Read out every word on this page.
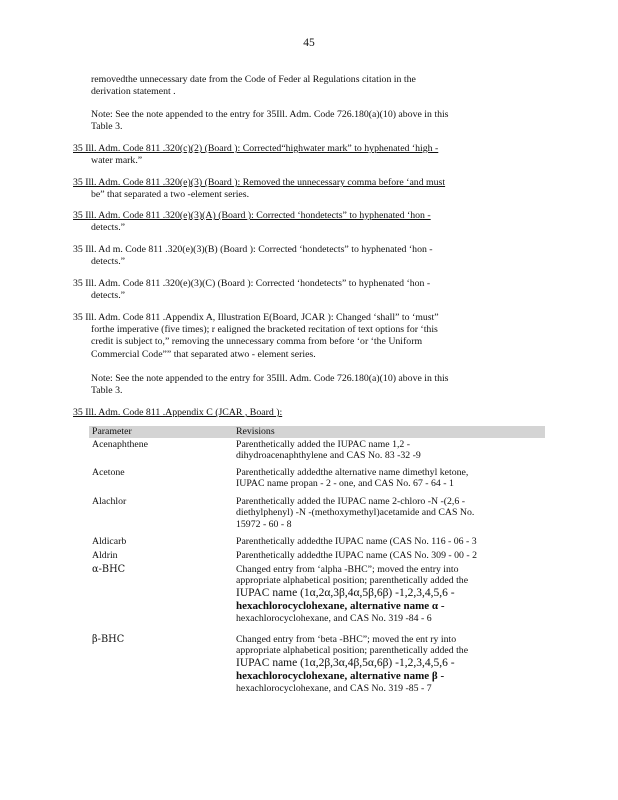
45
removedthe unnecessary date from the Code of Feder al Regulations citation in the
derivation statement .
Note: See the note appended to the entry for 35Ill. Adm. Code 726.180(a)(10) above in this
Table 3.
35 Ill. Adm. Code 811 .320(c)(2) (Board ): Corrected“highwater mark” to hyphenated ‘high -
water mark.”
35 Ill. Adm. Code 811 .320(e)(3) (Board ): Removed the unnecessary comma before ‘and must
be” that separated a two -element series.
35 Ill. Adm. Code 811 .320(e)(3)(A) (Board ): Corrected ‘hondetects” to hyphenated ‘hon -
detects.”
35 Ill. Ad m. Code 811 .320(e)(3)(B) (Board ): Corrected ‘hondetects” to hyphenated ‘hon -
detects.”
35 Ill. Adm. Code 811 .320(e)(3)(C) (Board ): Corrected ‘hondetects” to hyphenated ‘hon -
detects.”
35 Ill. Adm. Code 811 .Appendix A, Illustration E(Board, JCAR ): Changed ‘shall” to ‘must”
forthe imperative (five times); r ealigned the bracketed recitation of text options for ‘this
credit is subject to,” removing the unnecessary comma from before ‘or ‘the Uniform
Commercial Code”” that separated atwo - element series.
Note: See the note appended to the entry for 35Ill. Adm. Code 726.180(a)(10) above in this
Table 3.
35 Ill. Adm. Code 811 .Appendix C (JCAR , Board ):
Parameter	Revisions
Acenaphthene	Parenthetically added the IUPAC name 1,2 -
dihydroacenaphthylene and CAS No. 83 -32 -9
Acetone	Parenthetically addedthe alternative name dimethyl ketone,
IUPAC name propan - 2 - one, and CAS No. 67 - 64 - 1
Alachlor	Parenthetically added the IUPAC name 2-chloro -N -(2,6 -
diethylphenyl) -N -(methoxymethyl)acetamide and CAS No.
15972 - 60 - 8
Aldicarb	Parenthetically addedthe IUPAC name (CAS No. 116 - 06 - 3
Aldrin	Parenthetically addedthe IUPAC name (CAS No. 309 - 00 - 2
α-BHC	Changed entry from ‘alpha -BHC”; moved the entry into
appropriate alphabetical position; parenthetically added the
IUPAC name (1α,2α,3β,4α,5β,6β) -1,2,3,4,5,6 -
hexachlorocyclohexane, alternative name α -
hexachlorocyclohexane, and CAS No. 319 -84 - 6
β-BHC	Changed entry from ‘beta -BHC”; moved the ent ry into
appropriate alphabetical position; parenthetically added the
IUPAC name (1α,2β,3α,4β,5α,6β) -1,2,3,4,5,6 -
hexachlorocyclohexane, alternative name β -
hexachlorocyclohexane, and CAS No. 319 -85 - 7
